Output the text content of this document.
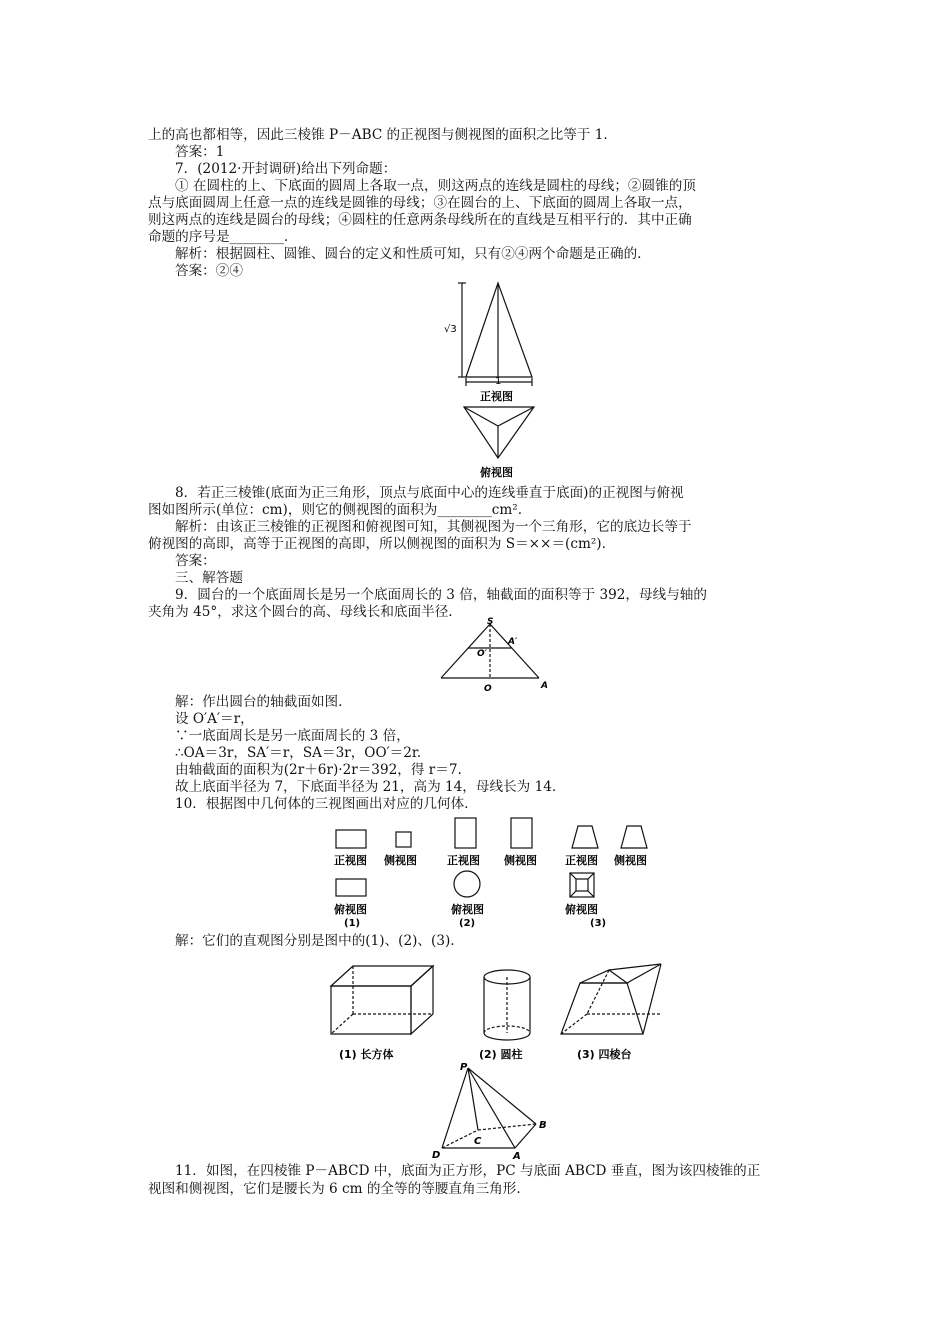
上的高也都相等，因此三棱锥 P－ABC 的正视图与侧视图的面积之比等于 1.
答案：1
7．(2012·开封调研)给出下列命题：
① 在圆柱的上、下底面的圆周上各取一点，则这两点的连线是圆柱的母线；②圆锥的顶
点与底面圆周上任意一点的连线是圆锥的母线；③在圆台的上、下底面的圆周上各取一点，
则这两点的连线是圆台的母线；④圆柱的任意两条母线所在的直线是互相平行的．其中正确
命题的序号是________.
解析：根据圆柱、圆锥、圆台的定义和性质可知，只有②④两个命题是正确的.
答案：②④
√3
1
正视图
俯视图
8．若正三棱锥(底面为正三角形，顶点与底面中心的连线垂直于底面)的正视图与俯视
图如图所示(单位：cm)，则它的侧视图的面积为________cm².
解析：由该正三棱锥的正视图和俯视图可知，其侧视图为一个三角形，它的底边长等于
俯视图的高即，高等于正视图的高即，所以侧视图的面积为 S＝××＝(cm²).
答案：
三、解答题
9．圆台的一个底面周长是另一个底面周长的 3 倍，轴截面的面积等于 392，母线与轴的
夹角为 45°，求这个圆台的高、母线长和底面半径.
S
A′
O′
O	A
解：作出圆台的轴截面如图.
设 O′A′＝r，
∵一底面周长是另一底面周长的 3 倍，
∴OA＝3r，SA′＝r，SA＝3r，OO′＝2r.
由轴截面的面积为(2r＋6r)·2r＝392，得 r＝7.
故上底面半径为 7，下底面半径为 21，高为 14，母线长为 14.
10．根据图中几何体的三视图画出对应的几何体.
正视图 侧视图
俯视图
(1)
正视图 侧视图
俯视图
(2)
正视图 侧视图
俯视图
(3)
解：它们的直观图分别是图中的(1)、(2)、(3).
(1) 长方体	(2) 圆柱	(3) 四棱台
P
B
C
D	A
11．如图，在四棱锥 P－ABCD 中，底面为正方形，PC 与底面 ABCD 垂直，图为该四棱锥的正
视图和侧视图，它们是腰长为 6 cm 的全等的等腰直角三角形.
